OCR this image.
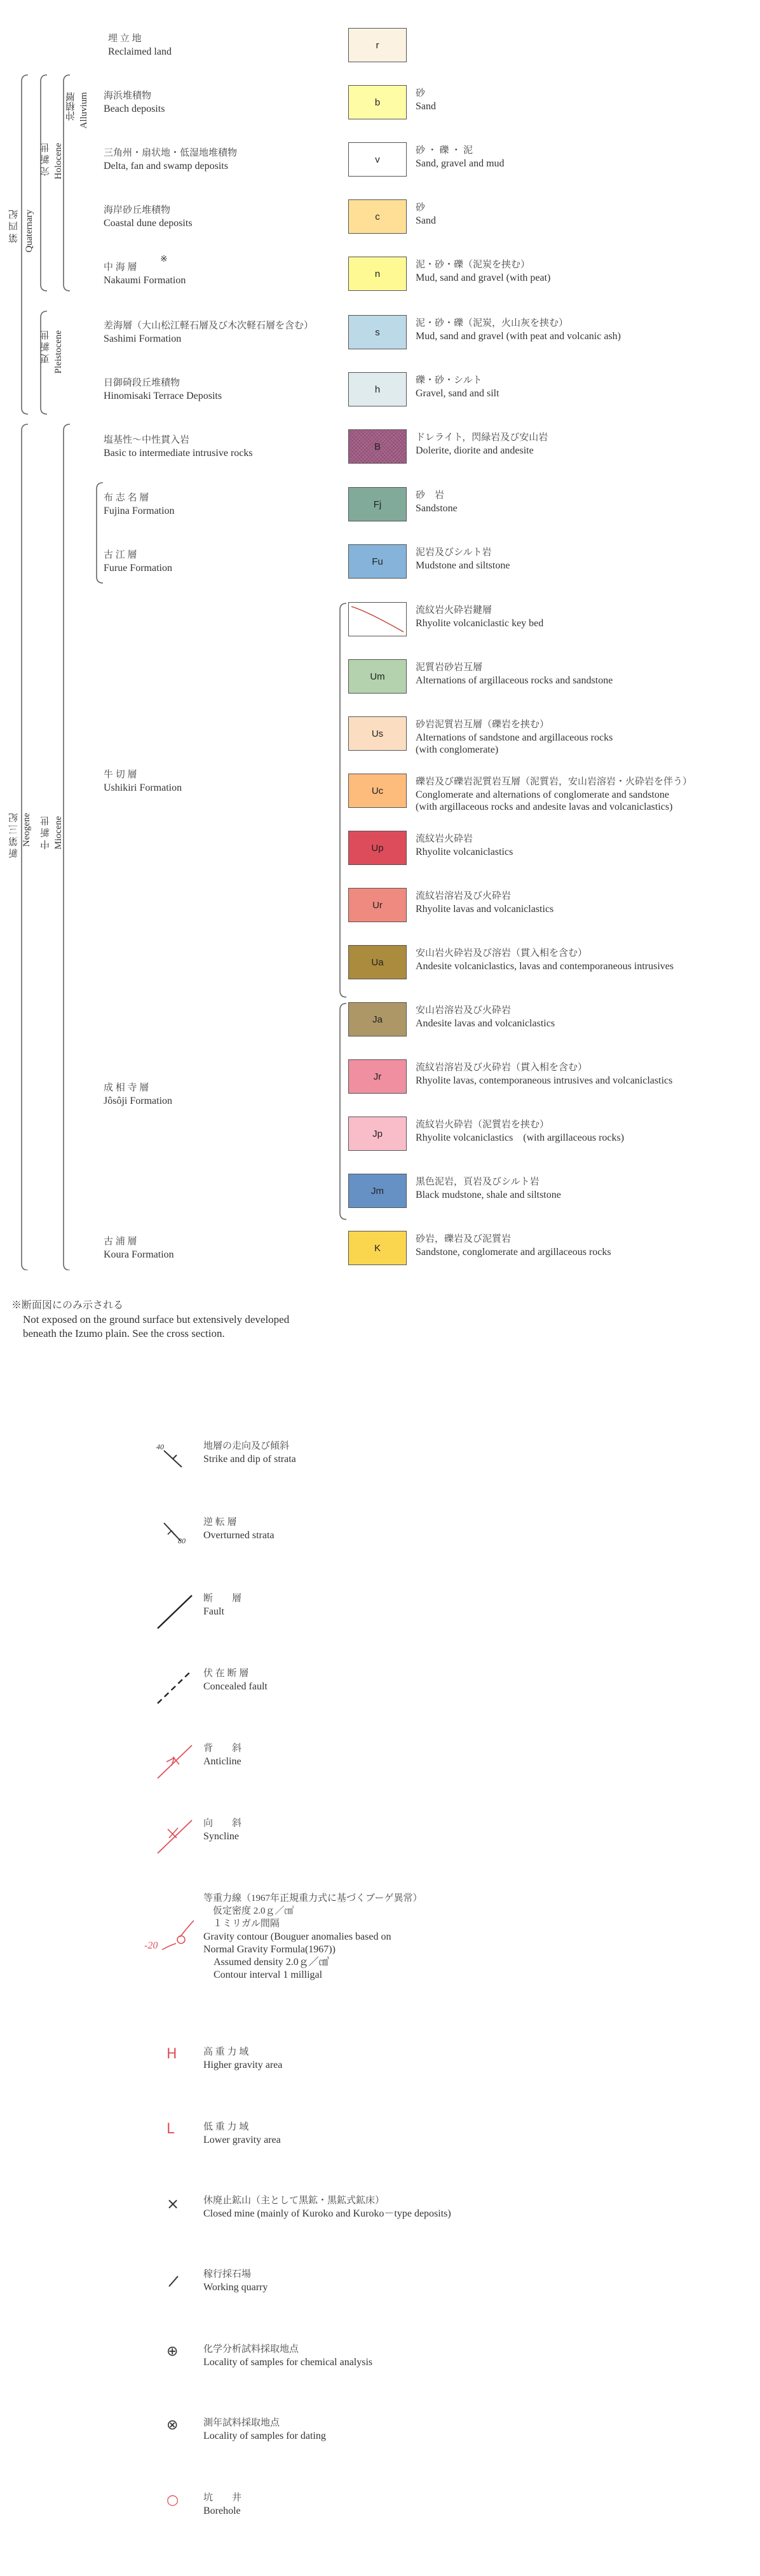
埋 立 地
Reclaimed land
r
海浜堆積物
Beach deposits
b
砂
Sand
三角州・扇状地・低湿地堆積物
Delta, fan and swamp deposits
v
砂 ・ 礫 ・ 泥
Sand, gravel and mud
海岸砂丘堆積物
Coastal dune deposits
c
砂
Sand
中 海 層
※
Nakaumi Formation
n
泥・砂・礫（泥炭を挟む）
Mud, sand and gravel (with peat)
差海層（大山松江軽石層及び木次軽石層を含む）
Sashimi Formation
s
泥・砂・礫（泥炭，火山灰を挟む）
Mud, sand and gravel (with peat and volcanic ash)
日御碕段丘堆積物
Hinomisaki Terrace Deposits
h
礫・砂・シルト
Gravel, sand and silt
塩基性～中性貫入岩
Basic to intermediate intrusive rocks
B
ドレライト，閃緑岩及び安山岩
Dolerite, diorite and andesite
布 志 名 層
Fujina Formation
Fj
砂　岩
Sandstone
古 江 層
Furue Formation
Fu
泥岩及びシルト岩
Mudstone and siltstone
流紋岩火砕岩鍵層
Rhyolite volcaniclastic key bed
Um
泥質岩砂岩互層
Alternations of argillaceous rocks and sandstone
Us
砂岩泥質岩互層（礫岩を挟む）
Alternations of sandstone and argillaceous rocks
(with conglomerate)
Uc
礫岩及び礫岩泥質岩互層（泥質岩，安山岩溶岩・火砕岩を伴う）
Conglomerate and alternations of conglomerate and sandstone
(with argillaceous rocks and andesite lavas and volcaniclastics)
Up
流紋岩火砕岩
Rhyolite volcaniclastics
Ur
流紋岩溶岩及び火砕岩
Rhyolite lavas and volcaniclastics
Ua
安山岩火砕岩及び溶岩（貫入相を含む）
Andesite volcaniclastics, lavas and contemporaneous intrusives
Ja
安山岩溶岩及び火砕岩
Andesite lavas and volcaniclastics
Jr
流紋岩溶岩及び火砕岩（貫入相を含む）
Rhyolite lavas, contemporaneous intrusives and volcaniclastics
Jp
流紋岩火砕岩（泥質岩を挟む）
Rhyolite volcaniclastics　(with argillaceous rocks)
Jm
黒色泥岩，頁岩及びシルト岩
Black mudstone, shale and siltstone
古 浦 層
Koura Formation
K
砂岩，礫岩及び泥質岩
Sandstone, conglomerate and argillaceous rocks
第 四 紀 Quaternary
完 新 世 Holocene
沖積層 Alluvium
更 新 世 Pleistocene
新 第 三 紀 Neogene 中 新 世 Miocene
牛 切 層
Ushikiri Formation
成 相 寺 層
Jôsôji Formation
※断面図にのみ示される
Not exposed on the ground surface but extensively developed
beneath the Izumo plain. See the cross section.
40	地層の走向及び傾斜
Strike and dip of strata
80
逆 転 層
Overturned strata
断　　層
Fault
伏 在 断 層
Concealed fault
背　　斜
Anticline
向　　斜
Syncline
-20
等重力線（1967年正規重力式に基づくブーゲ異常）
　仮定密度 2.0ｇ／㎤
　１ミリガル間隔
Gravity contour (Bouguer anomalies based on
Normal Gravity Formula(1967))
　Assumed density 2.0ｇ／㎤
　Contour interval 1 milligal
H	高 重 力 域
Higher gravity area
L	低 重 力 域
Lower gravity area
×	休廃止鉱山（主として黒鉱・黒鉱式鉱床）
Closed mine (mainly of Kuroko and Kuroko－type deposits)
稼行採石場
Working quarry
⊕	化学分析試料採取地点
Locality of samples for chemical analysis
⊗	測年試料採取地点
Locality of samples for dating
○	坑　　井
Borehole
